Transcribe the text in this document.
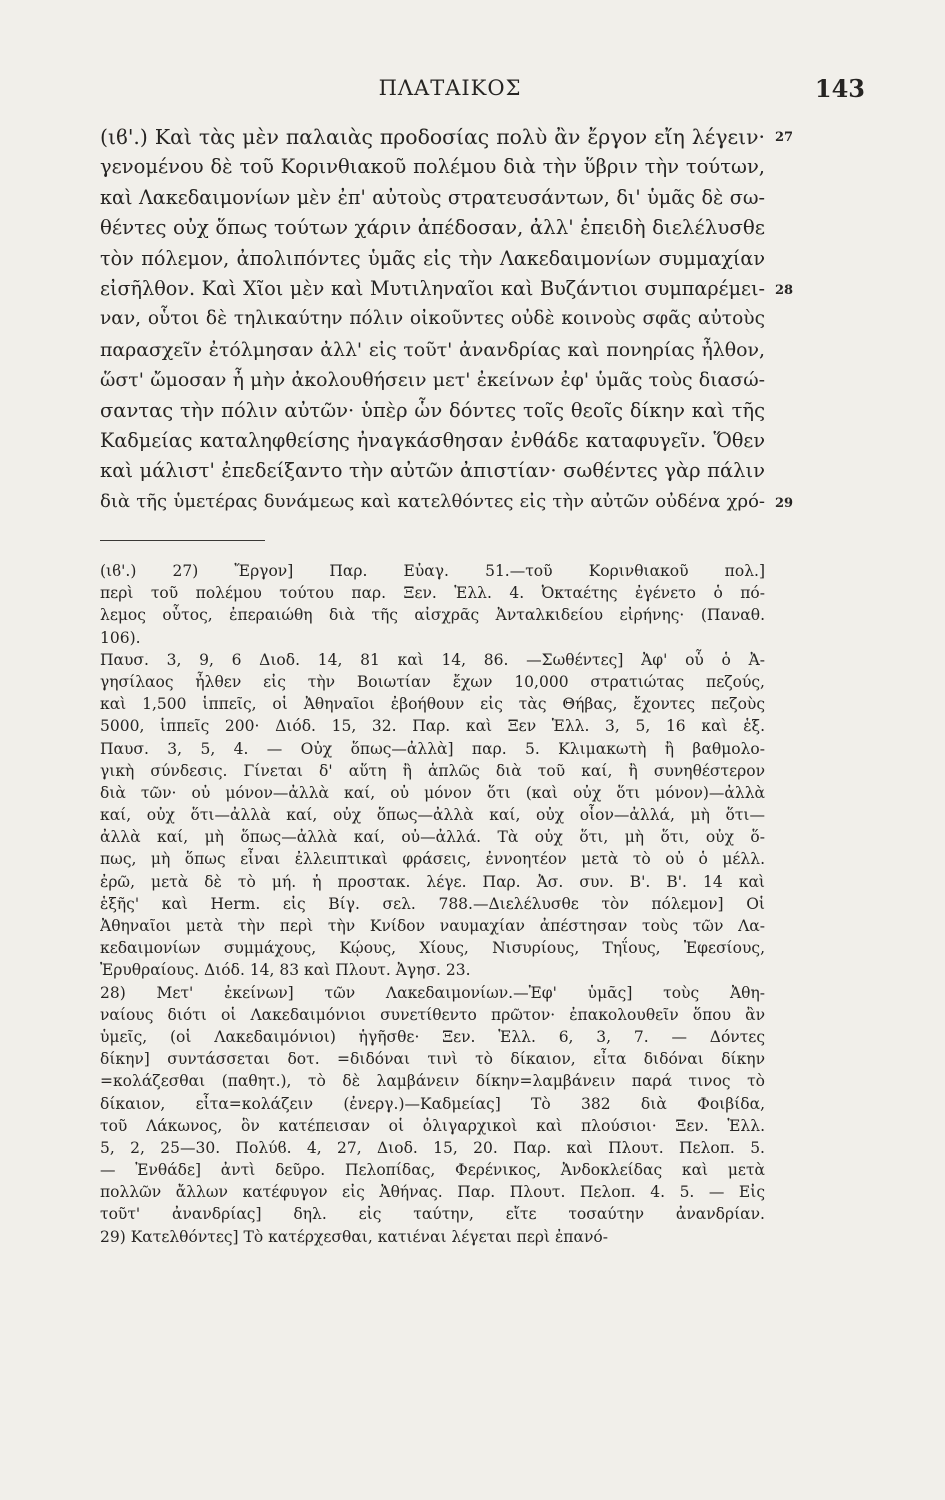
ΠΛΑΤΑΙΚΟΣ	143
(ιϐ'.) Καὶ τὰς μὲν παλαιὰς προδοσίας πολὺ ἂν ἔργον εἴη λέγειν·
γενομένου δὲ τοῦ Κορινθιακοῦ πολέμου διὰ τὴν ὕβριν τὴν τούτων,
καὶ Λακεδαιμονίων μὲν ἐπ' αὐτοὺς στρατευσάντων, δι' ὑμᾶς δὲ σω-
θέντες οὐχ ὅπως τούτων χάριν ἀπέδοσαν, ἀλλ' ἐπειδὴ διελέλυσθε
τὸν πόλεμον, ἀπολιπόντες ὑμᾶς εἰς τὴν Λακεδαιμονίων συμμαχίαν
εἰσῆλθον. Καὶ Χῖοι μὲν καὶ Μυτιληναῖοι καὶ Βυζάντιοι συμπαρέμει-
ναν, οὗτοι δὲ τηλικαύτην πόλιν οἰκοῦντες οὐδὲ κοινοὺς σφᾶς αὐτοὺς
παρασχεῖν ἐτόλμησαν ἀλλ' εἰς τοῦτ' ἀνανδρίας καὶ πονηρίας ἦλθον,
ὥστ' ὤμοσαν ἦ μὴν ἀκολουθήσειν μετ' ἐκείνων ἐφ' ὑμᾶς τοὺς διασώ-
σαντας τὴν πόλιν αὐτῶν· ὑπὲρ ὧν δόντες τοῖς θεοῖς δίκην καὶ τῆς
Καδμείας καταληφθείσης ἠναγκάσθησαν ἐνθάδε καταφυγεῖν. Ὅθεν
καὶ μάλιστ' ἐπεδείξαντο τὴν αὐτῶν ἀπιστίαν· σωθέντες γὰρ πάλιν
διὰ τῆς ὑμετέρας δυνάμεως καὶ κατελθόντες εἰς τὴν αὐτῶν οὐδένα χρό-
27
28
29
(ιϐ'.) 27) Ἔργον] Παρ. Εὐαγ. 51.—τοῦ Κορινθιακοῦ πολ.]
περὶ τοῦ πολέμου τούτου παρ. Ξεν. Ἑλλ. 4. Ὀκταέτης ἐγένετο ὁ πό-
λεμος οὗτος, ἐπεραιώθη διὰ τῆς αἰσχρᾶς Ἀνταλκιδείου εἰρήνης· (Παναθ.
106).
Παυσ. 3, 9, 6 Διοδ. 14, 81 καὶ 14, 86. —Σωθέντες] Ἀφ' οὗ ὁ Ἀ-
γησίλαος ἦλθεν εἰς τὴν Βοιωτίαν ἔχων 10,000 στρατιώτας πεζούς,
καὶ 1,500 ἱππεῖς, οἱ Ἀθηναῖοι ἐβοήθουν εἰς τὰς Θήβας, ἔχοντες πεζοὺς
5000, ἱππεῖς 200· Διόδ. 15, 32. Παρ. καὶ Ξεν Ἑλλ. 3, 5, 16 καὶ ἑξ.
Παυσ. 3, 5, 4. — Οὐχ ὅπως—ἀλλὰ] παρ. 5. Κλιμακωτὴ ἢ βαθμολο-
γικὴ σύνδεσις. Γίνεται δ' αὕτη ἢ ἁπλῶς διὰ τοῦ καί, ἢ συνηθέστερον
διὰ τῶν· οὐ μόνον—ἀλλὰ καί, οὐ μόνον ὅτι (καὶ οὐχ ὅτι μόνον)—ἀλλὰ
καί, οὐχ ὅτι—ἀλλὰ καί, οὐχ ὅπως—ἀλλὰ καί, οὐχ οἷον—ἀλλά, μὴ ὅτι—
ἀλλὰ καί, μὴ ὅπως—ἀλλὰ καί, οὐ—ἀλλά. Τὰ οὐχ ὅτι, μὴ ὅτι, οὐχ ὅ-
πως, μὴ ὅπως εἶναι ἐλλειπτικαὶ φράσεις, ἐννοητέον μετὰ τὸ οὐ ὁ μέλλ.
ἐρῶ, μετὰ δὲ τὸ μή. ἡ προστακ. λέγε. Παρ. Ἀσ. συν. Β'. Β'. 14 καὶ
ἑξῆς' καὶ Herm. εἰς Βίγ. σελ. 788.—Διελέλυσθε τὸν πόλεμον] Οἱ
Ἀθηναῖοι μετὰ τὴν περὶ τὴν Κνίδον ναυμαχίαν ἀπέστησαν τοὺς τῶν Λα-
κεδαιμονίων συμμάχους, Κῴους, Χίους, Νισυρίους, Τηΐους, Ἐφεσίους,
Ἐρυθραίους. Διόδ. 14, 83 καὶ Πλουτ. Ἀγησ. 23.
28) Μετ' ἐκείνων] τῶν Λακεδαιμονίων.—Ἐφ' ὑμᾶς] τοὺς Ἀθη-
ναίους διότι οἱ Λακεδαιμόνιοι συνετίθεντο πρῶτον· ἐπακολουθεῖν ὅπου ἂν
ὑμεῖς, (οἱ Λακεδαιμόνιοι) ἡγῆσθε· Ξεν. Ἑλλ. 6, 3, 7. — Δόντες
δίκην] συντάσσεται δοτ. =διδόναι τινὶ τὸ δίκαιον, εἶτα διδόναι δίκην
=κολάζεσθαι (παθητ.), τὸ δὲ λαμβάνειν δίκην=λαμβάνειν παρά τινος τὸ
δίκαιον, εἶτα=κολάζειν (ἐνεργ.)—Καδμείας] Τὸ 382 διὰ Φοιβίδα,
τοῦ Λάκωνος, ὃν κατέπεισαν οἱ ὀλιγαρχικοὶ καὶ πλούσιοι· Ξεν. Ἑλλ.
5, 2, 25—30. Πολύϐ. 4, 27, Διοδ. 15, 20. Παρ. καὶ Πλουτ. Πελοπ. 5.
— Ἐνθάδε] ἀντὶ δεῦρο. Πελοπίδας, Φερένικος, Ἀνδοκλείδας καὶ μετὰ
πολλῶν ἄλλων κατέφυγον εἰς Ἀθήνας. Παρ. Πλουτ. Πελοπ. 4. 5. — Εἰς
τοῦτ' ἀνανδρίας] δηλ. εἰς ταύτην, εἴτε τοσαύτην ἀνανδρίαν.
29) Κατελθόντες] Τὸ κατέρχεσθαι, κατιέναι λέγεται περὶ ἐπανό-
